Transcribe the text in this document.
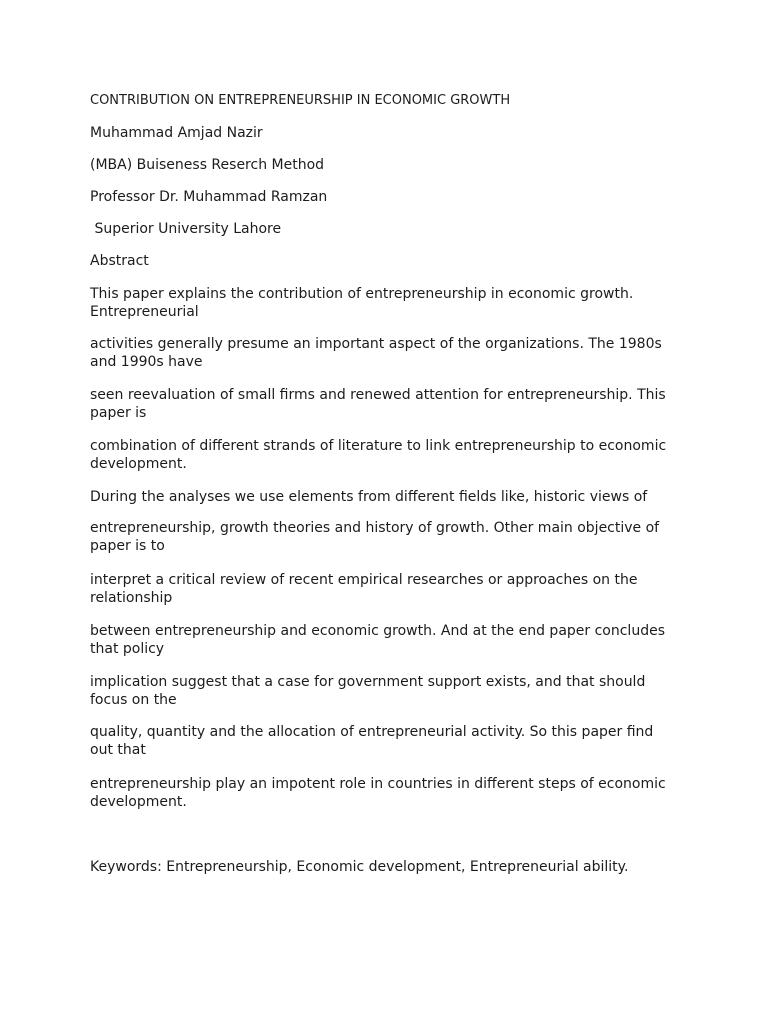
CONTRIBUTION ON ENTREPRENEURSHIP IN ECONOMIC GROWTH

Muhammad Amjad Nazir

(MBA) Buiseness Reserch Method

Professor Dr. Muhammad Ramzan

Superior University Lahore

Abstract

This paper explains the contribution of entrepreneurship in economic growth. Entrepreneurial

activities generally presume an important aspect of the organizations. The 1980s and 1990s have

seen reevaluation of small firms and renewed attention for entrepreneurship. This paper is

combination of different strands of literature to link entrepreneurship to economic development.

During the analyses we use elements from different fields like, historic views of

entrepreneurship, growth theories and history of growth. Other main objective of paper is to

interpret a critical review of recent empirical researches or approaches on the relationship

between entrepreneurship and economic growth. And at the end paper concludes that policy

implication suggest that a case for government support exists, and that should focus on the

quality, quantity and the allocation of entrepreneurial activity. So this paper find out that

entrepreneurship play an impotent role in countries in different steps of economic development.

Keywords: Entrepreneurship, Economic development, Entrepreneurial ability.
